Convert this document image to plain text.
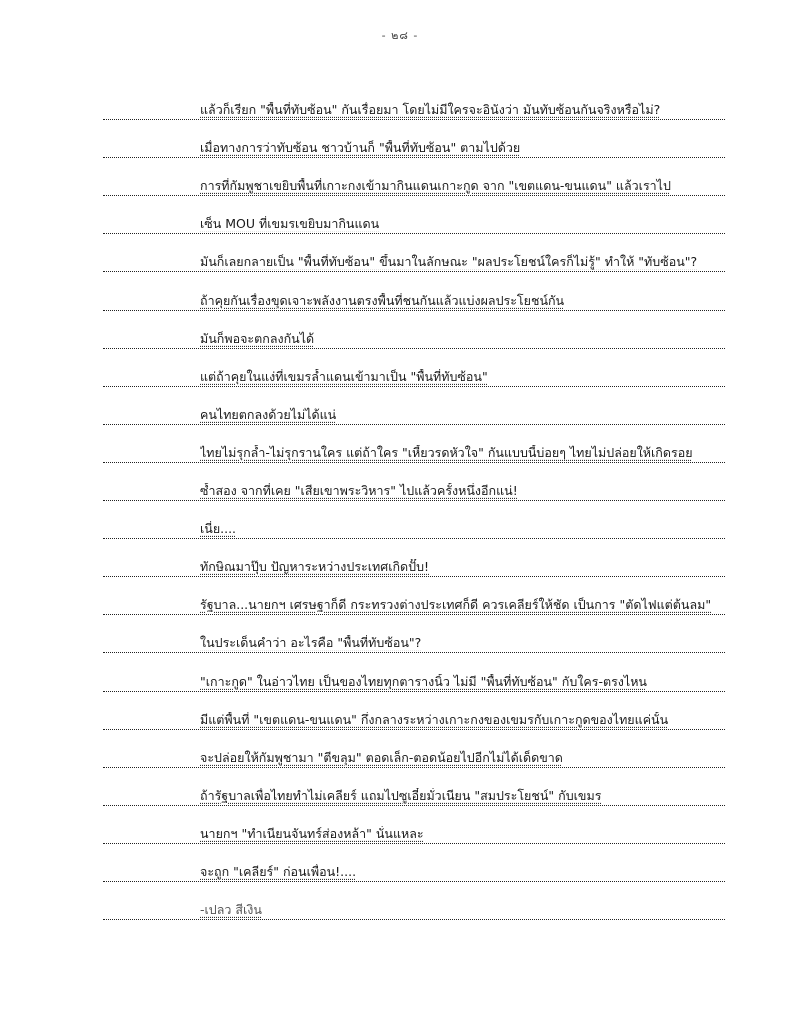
- ๒๘ -
แล้วก็เรียก "พื้นที่ทับซ้อน" กันเรื่อยมา โดยไม่มีใครจะอินังว่า มันทับซ้อนกันจริงหรือไม่?
เมื่อทางการว่าทับซ้อน ชาวบ้านก็ "พื้นที่ทับซ้อน" ตามไปด้วย
การที่กัมพูชาเขยิบพื้นที่เกาะกงเข้ามากินแดนเกาะกูด จาก "เขตแดน-ขนแดน" แล้วเราไป
เซ็น MOU ที่เขมรเขยิบมากินแดน
มันก็เลยกลายเป็น "พื้นที่ทับซ้อน" ขึ้นมาในลักษณะ "ผลประโยชน์ใครก็ไม่รู้" ทำให้ "ทับซ้อน"?
ถ้าคุยกันเรื่องขุดเจาะพลังงานตรงพื้นที่ชนกันแล้วแบ่งผลประโยชน์กัน
มันก็พอจะตกลงกันได้
แต่ถ้าคุยในแง่ที่เขมรล้ำแดนเข้ามาเป็น "พื้นที่ทับซ้อน"
คนไทยตกลงด้วยไม่ได้แน่
ไทยไม่รุกล้ำ-ไม่รุกรานใคร แต่ถ้าใคร "เหี้ยวรดหัวใจ" กันแบบนี้บ่อยๆ ไทยไม่ปล่อยให้เกิดรอย
ซ้ำสอง จากที่เคย "เสียเขาพระวิหาร" ไปแล้วครั้งหนึ่งอีกแน่!
เนี่ย....
ทักษิณมาปุ๊บ ปัญหาระหว่างประเทศเกิดปั๊บ!
รัฐบาล...นายกฯ เศรษฐาก็ดี กระทรวงต่างประเทศก็ดี ควรเคลียร์ให้ชัด เป็นการ "ตัดไฟแต่ต้นลม"
ในประเด็นคำว่า อะไรคือ "พื้นที่ทับซ้อน"?
"เกาะกูด" ในอ่าวไทย เป็นของไทยทุกตารางนิ้ว ไม่มี "พื้นที่ทับซ้อน" กับใคร-ตรงไหน
มีแต่พื้นที่ "เขตแดน-ขนแดน" กึ่งกลางระหว่างเกาะกงของเขมรกับเกาะกูดของไทยแค่นั้น
จะปล่อยให้กัมพูชามา "ตีขลุม" ตอดเล็ก-ตอดน้อยไปอีกไม่ได้เด็ดขาด
ถ้ารัฐบาลเพื่อไทยทำไม่เคลียร์ แถมไปซูเอี๋ยมั่วเนียน "สมประโยชน์" กับเขมร
นายกฯ "ทำเนียนจันทร์ส่องหล้า" นั่นแหละ
จะถูก "เคลียร์" ก่อนเพื่อน!....
-เปลว สีเงิน
